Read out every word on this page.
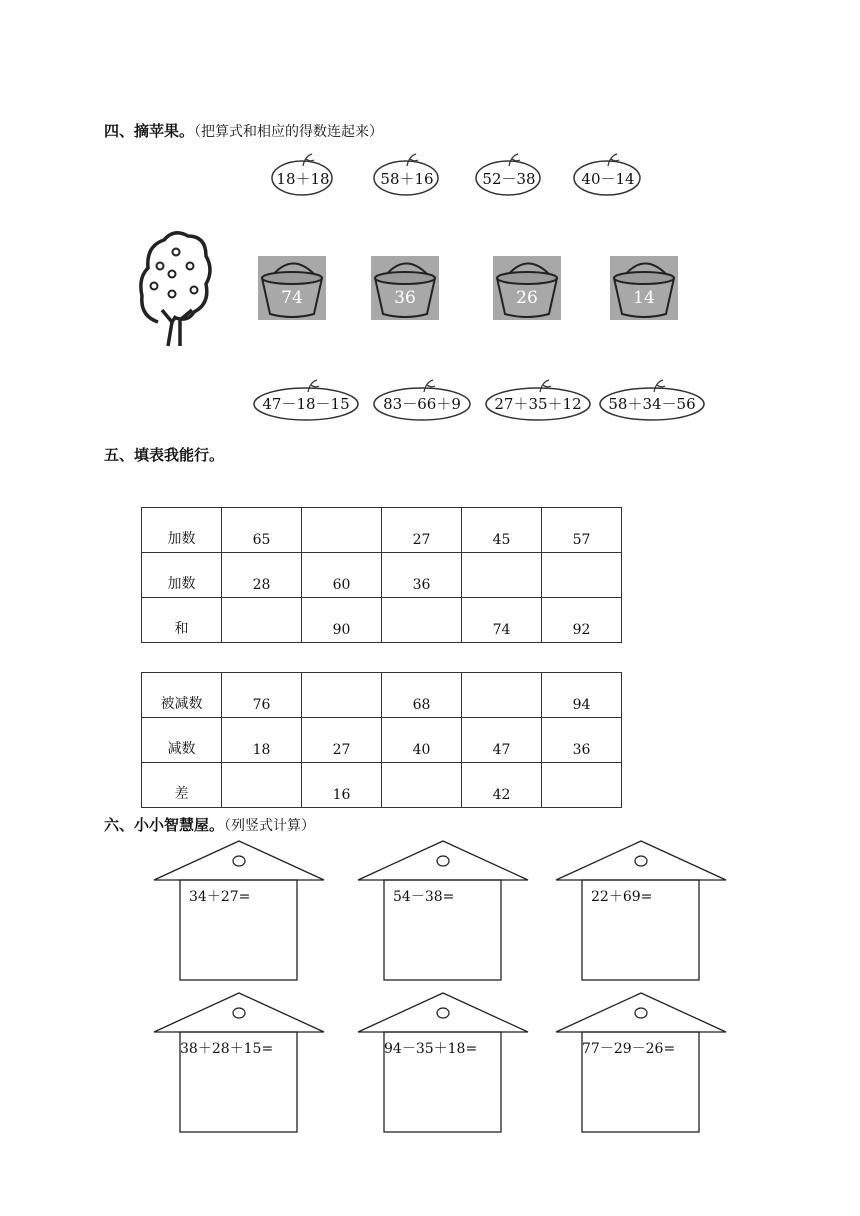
四、摘苹果。（把算式和相应的得数连起来）
18＋18	58＋16	52－38	40－14
74	36	26	14
47－18－15	83－66＋9	27＋35＋12	58＋34－56
五、填表我能行。
加数	65		27	45	57
加数	28	60	36		
和		90		74	92
被减数	76		68		94
减数	18	27	40	47	36
差		16		42	
六、小小智慧屋。（列竖式计算）
34＋27=	54－38=	22＋69=
38＋28＋15=	94－35＋18=	77－29－26=
